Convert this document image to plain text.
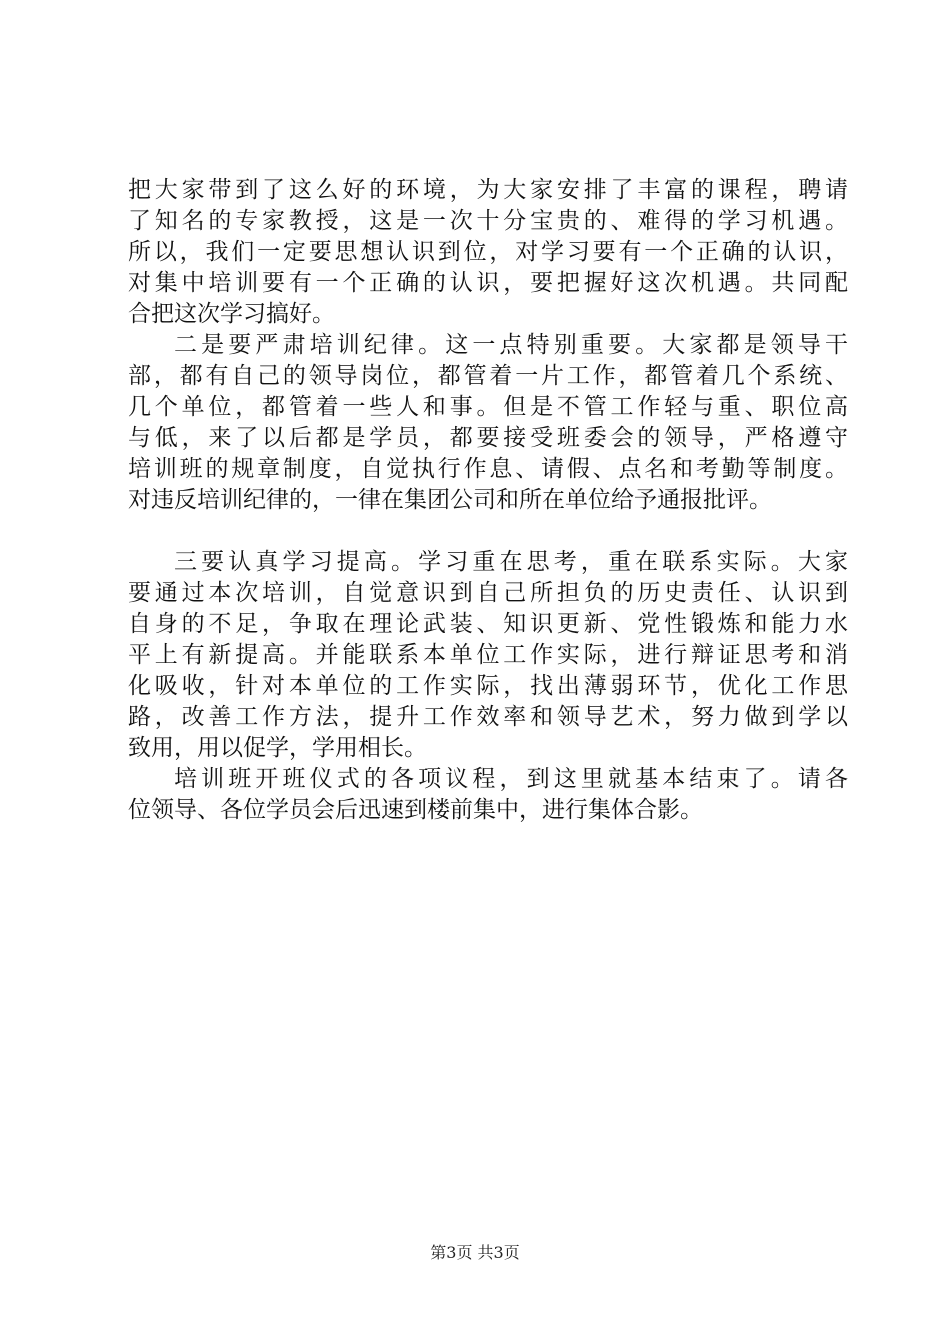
把大家带到了这么好的环境，为大家安排了丰富的课程，聘请
了知名的专家教授，这是一次十分宝贵的、难得的学习机遇。
所以，我们一定要思想认识到位，对学习要有一个正确的认识，
对集中培训要有一个正确的认识，要把握好这次机遇。共同配
合把这次学习搞好。
二是要严肃培训纪律。这一点特别重要。大家都是领导干
部，都有自己的领导岗位，都管着一片工作，都管着几个系统、
几个单位，都管着一些人和事。但是不管工作轻与重、职位高
与低，来了以后都是学员，都要接受班委会的领导，严格遵守
培训班的规章制度，自觉执行作息、请假、点名和考勤等制度。
对违反培训纪律的，一律在集团公司和所在单位给予通报批评。
三要认真学习提高。学习重在思考，重在联系实际。大家
要通过本次培训，自觉意识到自己所担负的历史责任、认识到
自身的不足，争取在理论武装、知识更新、党性锻炼和能力水
平上有新提高。并能联系本单位工作实际，进行辩证思考和消
化吸收，针对本单位的工作实际，找出薄弱环节，优化工作思
路，改善工作方法，提升工作效率和领导艺术，努力做到学以
致用，用以促学，学用相长。
培训班开班仪式的各项议程，到这里就基本结束了。请各
位领导、各位学员会后迅速到楼前集中，进行集体合影。
第3页 共3页
